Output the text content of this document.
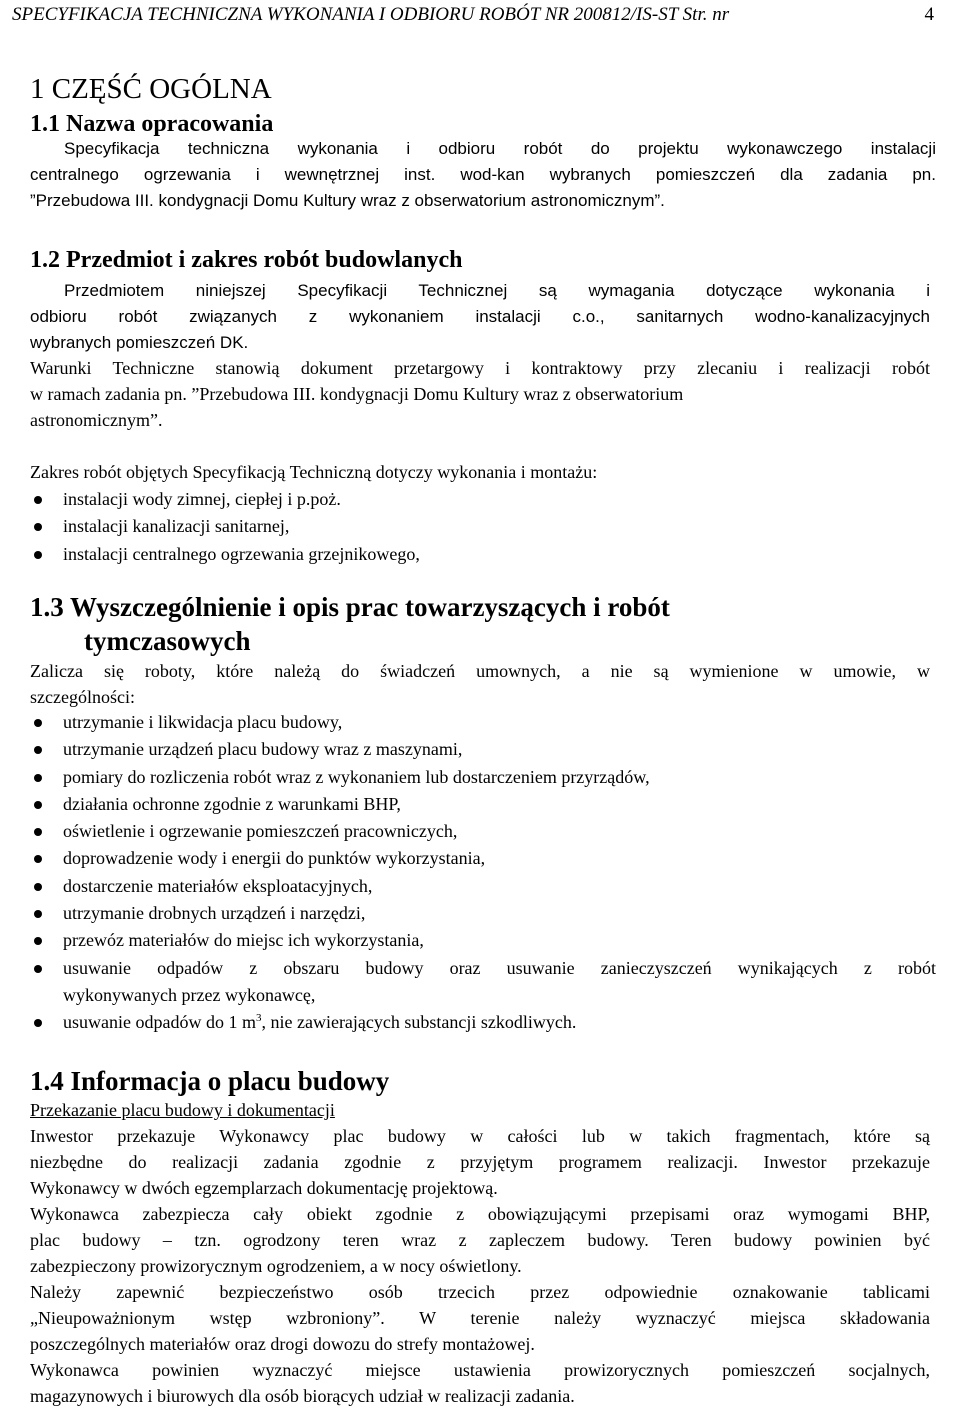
SPECYFIKACJA TECHNICZNA WYKONANIA I ODBIORU ROBÓT NR 200812/IS-ST Str. nr	4
1 CZĘŚĆ OGÓLNA
1.1 Nazwa opracowania
Specyfikacja techniczna wykonania i odbioru robót do projektu wykonawczego instalacji
centralnego ogrzewania i wewnętrznej inst. wod-kan wybranych pomieszczeń dla zadania pn.
”Przebudowa III. kondygnacji Domu Kultury wraz z obserwatorium astronomicznym”.
1.2 Przedmiot i zakres robót budowlanych
Przedmiotem niniejszej Specyfikacji Technicznej są wymagania dotyczące wykonania i
odbioru robót związanych z wykonaniem instalacji c.o., sanitarnych wodno-kanalizacyjnych
wybranych pomieszczeń DK.
Warunki Techniczne stanowią dokument przetargowy i kontraktowy przy zlecaniu i realizacji robót
w ramach zadania pn. ”Przebudowa III. kondygnacji Domu Kultury wraz z obserwatorium
astronomicznym”.
Zakres robót objętych Specyfikacją Techniczną dotyczy wykonania i montażu:
instalacji wody zimnej, ciepłej i p.poż.
instalacji kanalizacji sanitarnej,
instalacji centralnego ogrzewania grzejnikowego,
1.3 Wyszczególnienie i opis prac towarzyszących i robót
tymczasowych
Zalicza się roboty, które należą do świadczeń umownych, a nie są wymienione w umowie, w
szczególności:
utrzymanie i likwidacja placu budowy,
utrzymanie urządzeń placu budowy wraz z maszynami,
pomiary do rozliczenia robót wraz z wykonaniem lub dostarczeniem przyrządów,
działania ochronne zgodnie z warunkami BHP,
oświetlenie i ogrzewanie pomieszczeń pracowniczych,
doprowadzenie wody i energii do punktów wykorzystania,
dostarczenie materiałów eksploatacyjnych,
utrzymanie drobnych urządzeń i narzędzi,
przewóz materiałów do miejsc ich wykorzystania,
usuwanie odpadów z obszaru budowy oraz usuwanie zanieczyszczeń wynikających z robót
wykonywanych przez wykonawcę,
usuwanie odpadów do 1 $m^3$, nie zawierających substancji szkodliwych.
1.4 Informacja o placu budowy
Przekazanie placu budowy i dokumentacji
Inwestor przekazuje Wykonawcy plac budowy w całości lub w takich fragmentach, które są
niezbędne do realizacji zadania zgodnie z przyjętym programem realizacji. Inwestor przekazuje
Wykonawcy w dwóch egzemplarzach dokumentację projektową.
Wykonawca zabezpiecza cały obiekt zgodnie z obowiązującymi przepisami oraz wymogami BHP,
plac budowy – tzn. ogrodzony teren wraz z zapleczem budowy. Teren budowy powinien być
zabezpieczony prowizorycznym ogrodzeniem, a w nocy oświetlony.
Należy zapewnić bezpieczeństwo osób trzecich przez odpowiednie oznakowanie tablicami
„Nieupoważnionym wstęp wzbroniony”. W terenie należy wyznaczyć miejsca składowania
poszczególnych materiałów oraz drogi dowozu do strefy montażowej.
Wykonawca powinien wyznaczyć miejsce ustawienia prowizorycznych pomieszczeń socjalnych,
magazynowych i biurowych dla osób biorących udział w realizacji zadania.
